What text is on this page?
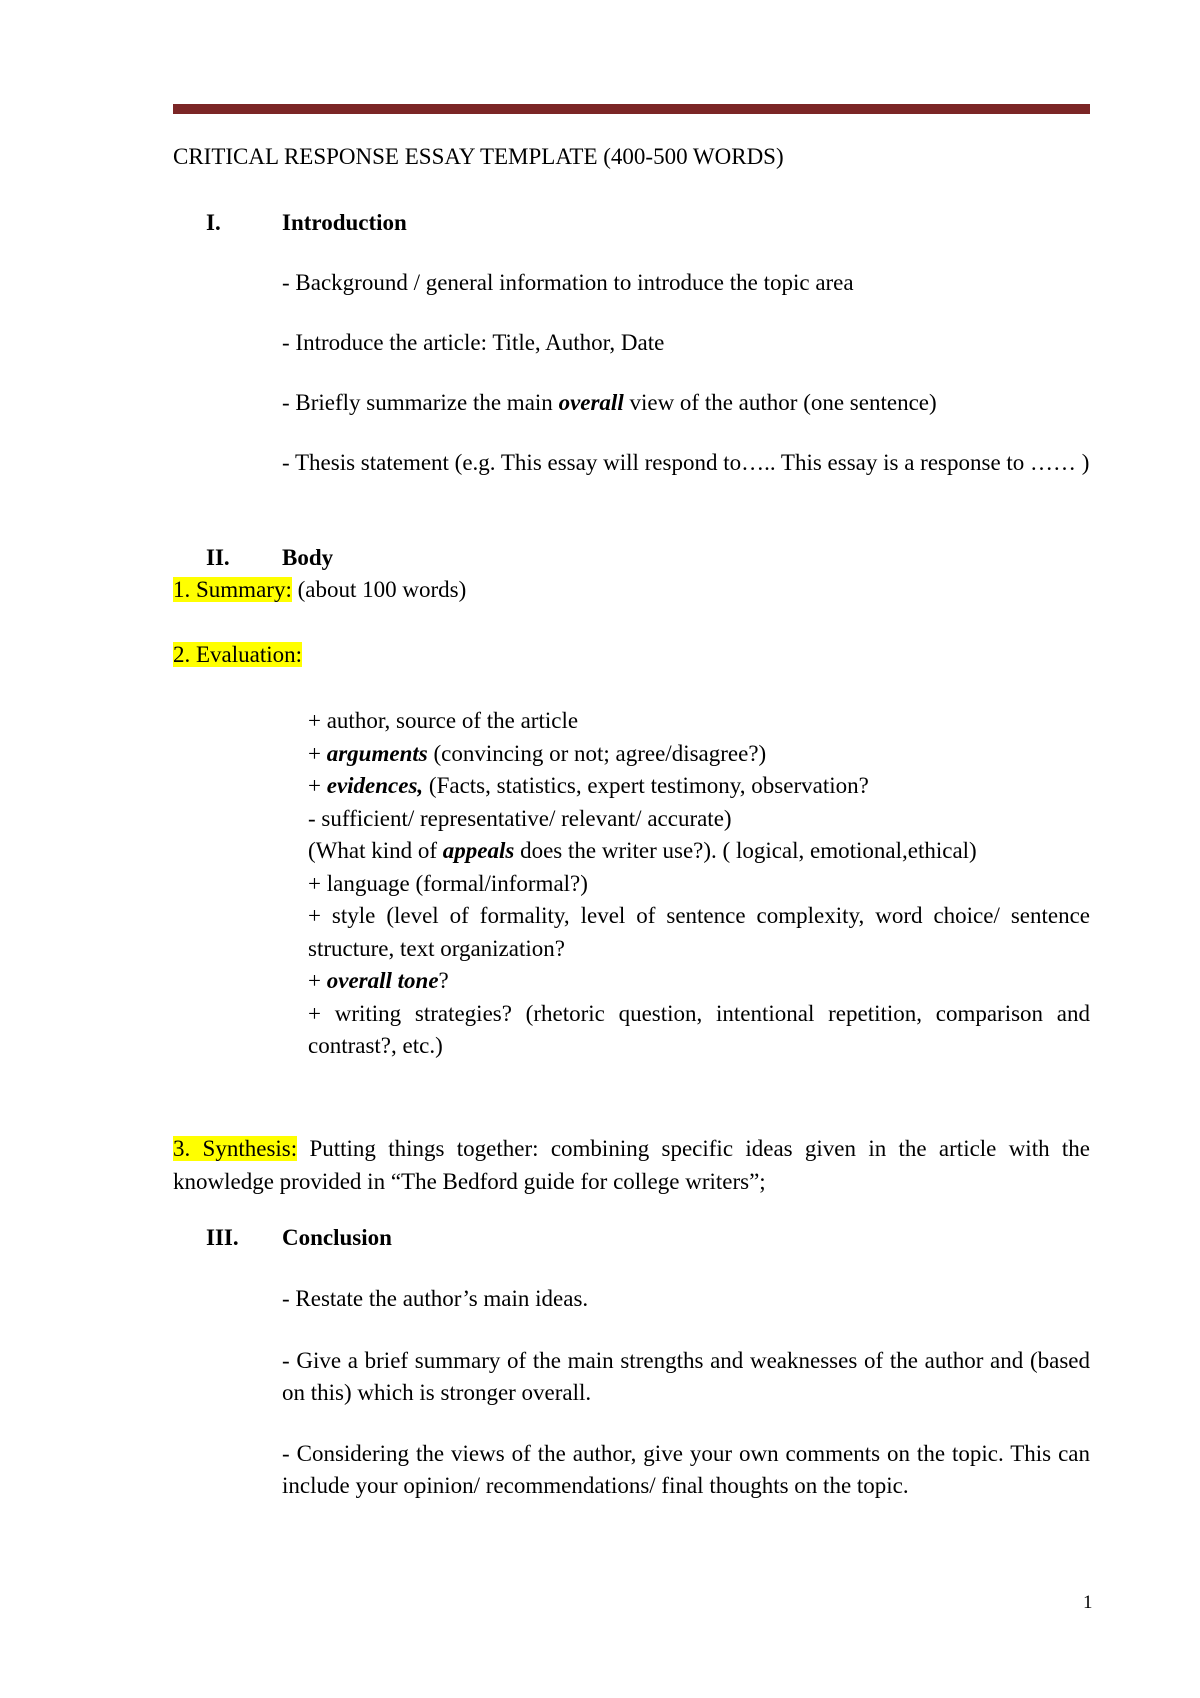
CRITICAL RESPONSE ESSAY TEMPLATE (400-500 WORDS)

I.	Introduction

- Background / general information to introduce the topic area

- Introduce the article: Title, Author, Date

- Briefly summarize the main overall view of the author (one sentence)

- Thesis statement (e.g. This essay will respond to….. This essay is a response to …… )

II. Body

1. Summary: (about 100 words)

2. Evaluation:

+ author, source of the article
+ arguments (convincing or not; agree/disagree?)
+ evidences, (Facts, statistics, expert testimony, observation?
- sufficient/ representative/ relevant/ accurate)
(What kind of appeals does the writer use?). ( logical, emotional,ethical)
+ language (formal/informal?)
+ style (level of formality, level of sentence complexity, word choice/ sentence structure, text organization?
+ overall tone?
+ writing strategies? (rhetoric question, intentional repetition, comparison and contrast?, etc.)

3. Synthesis: Putting things together: combining specific ideas given in the article with the knowledge provided in “The Bedford guide for college writers”;

III. Conclusion

- Restate the author’s main ideas.

- Give a brief summary of the main strengths and weaknesses of the author and (based on this) which is stronger overall.

- Considering the views of the author, give your own comments on the topic. This can include your opinion/ recommendations/ final thoughts on the topic.

1
